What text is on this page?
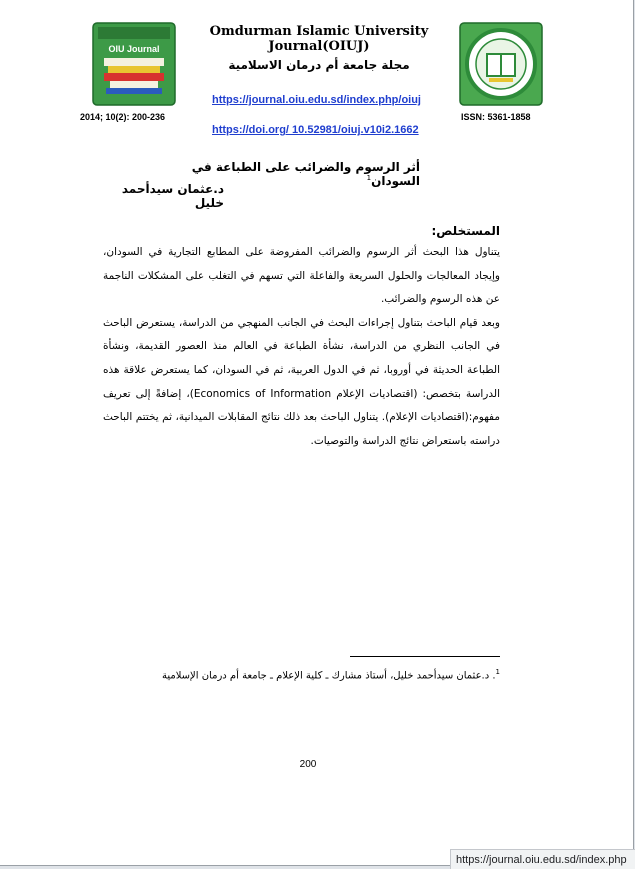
OIU Journal
Omdurman Islamic University Journal(OIUJ)
مجلة جامعة أم درمان الاسلامية
https://journal.oiu.edu.sd/index.php/oiuj
2014; 10(2): 200-236	ISSN: 5361-1858
https://doi.org/ 10.52981/oiuj.v10i2.1662
أثر الرسوم والضرائب على الطباعة في السودان$^1$
د.عثمان سيدأحمد خليل
المستخلص:

يتناول هذا البحث أثر الرسوم والضرائب المفروضة على المطابع التجارية في السودان، وإيجاد المعالجات والحلول السريعة والفاعلة التي تسهم في التغلب على المشكلات الناجمة عن هذه الرسوم والضرائب.

وبعد قيام الباحث بتناول إجراءات البحث في الجانب المنهجي من الدراسة، يستعرض الباحث في الجانب النظري من الدراسة، نشأة الطباعة في العالم منذ العصور القديمة، ونشأة الطباعة الحديثة في أوروبا، ثم في الدول العربية، ثم في السودان، كما يستعرض علاقة هذه الدراسة بتخصص: (اقتصاديات الإعلام Economics of Information)، إضافةً إلى تعريف مفهوم:(اقتصاديات الإعلام). يتناول الباحث بعد ذلك نتائج المقابلات الميدانية، ثم يختتم الباحث دراسته باستعراض نتائج الدراسة والتوصيات.

$^1$. د.عثمان سيدأحمد خليل، أستاذ مشارك ـ كلية الإعلام ـ جامعة أم درمان الإسلامية
200
https://journal.oiu.edu.sd/index.php
